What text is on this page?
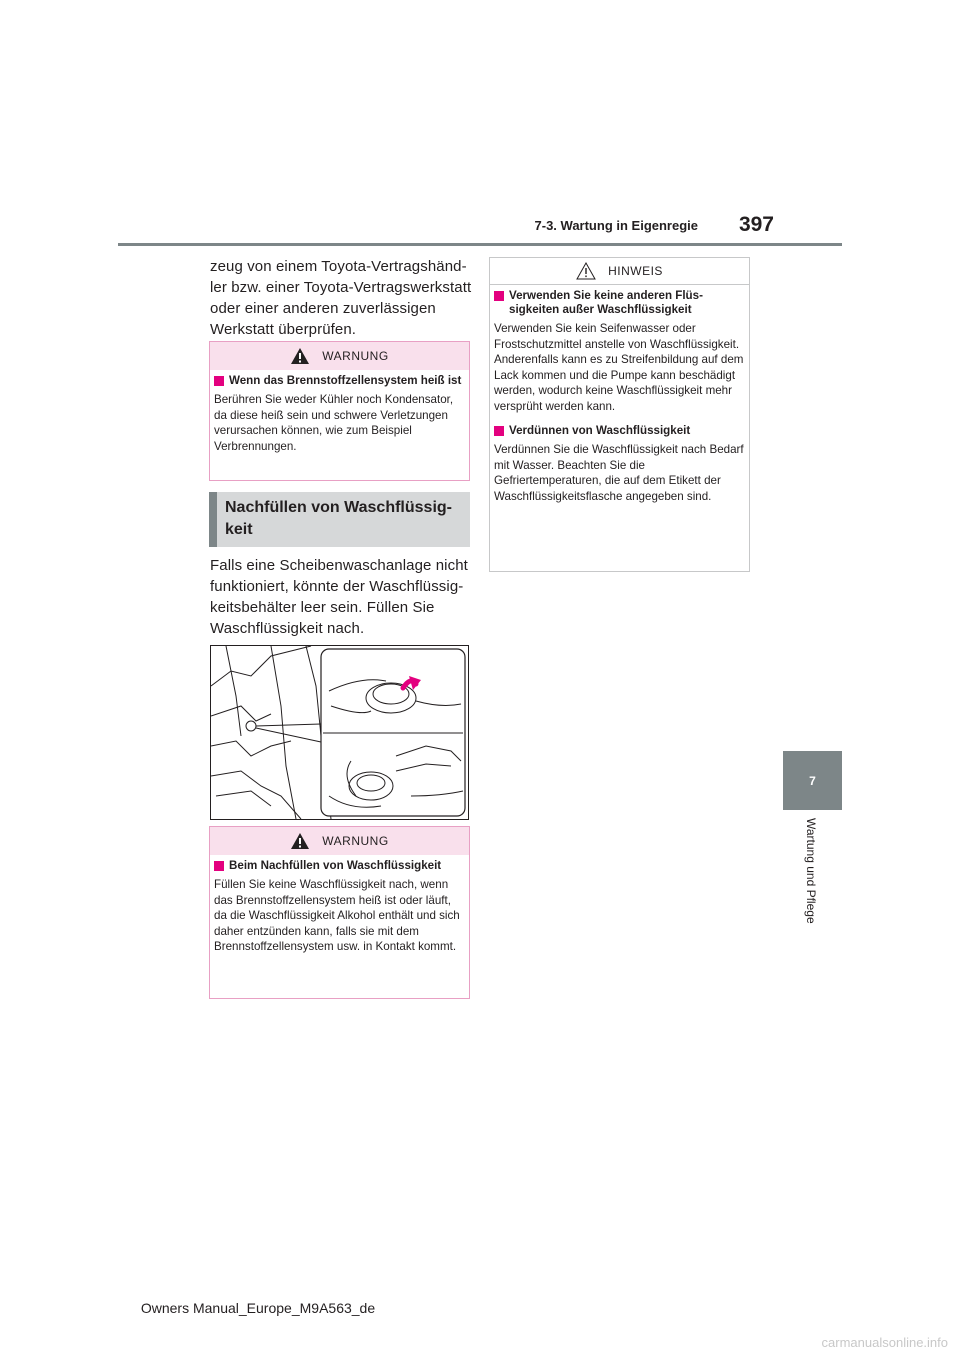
7-3. Wartung in Eigenregie 397
7
Wartung und Pflege
zeug von einem Toyota-Vertragshändler bzw. einer Toyota-Vertragswerkstatt oder einer anderen zuverlässigen Werkstatt überprüfen.
WARNUNG
Wenn das Brennstoffzellensystem heiß ist
Berühren Sie weder Kühler noch Kondensator, da diese heiß sein und schwere Verletzungen verursachen können, wie zum Beispiel Verbrennungen.
Nachfüllen von Waschflüssigkeit
Falls eine Scheibenwaschanlage nicht funktioniert, könnte der Waschflüssigkeitsbehälter leer sein. Füllen Sie Waschflüssigkeit nach.
WARNUNG
Beim Nachfüllen von Waschflüssigkeit
Füllen Sie keine Waschflüssigkeit nach, wenn das Brennstoffzellensystem heiß ist oder läuft, da die Waschflüssigkeit Alkohol enthält und sich daher entzünden kann, falls sie mit dem Brennstoffzellensystem usw. in Kontakt kommt.
HINWEIS
Verwenden Sie keine anderen Flüssigkeiten außer Waschflüssigkeit
Verwenden Sie kein Seifenwasser oder Frostschutzmittel anstelle von Waschflüssigkeit. Anderenfalls kann es zu Streifenbildung auf dem Lack kommen und die Pumpe kann beschädigt werden, wodurch keine Waschflüssigkeit mehr versprüht werden kann.
Verdünnen von Waschflüssigkeit
Verdünnen Sie die Waschflüssigkeit nach Bedarf mit Wasser. Beachten Sie die Gefriertemperaturen, die auf dem Etikett der Waschflüssigkeitsflasche angegeben sind.
Owners Manual_Europe_M9A563_de
carmanualsonline.info
